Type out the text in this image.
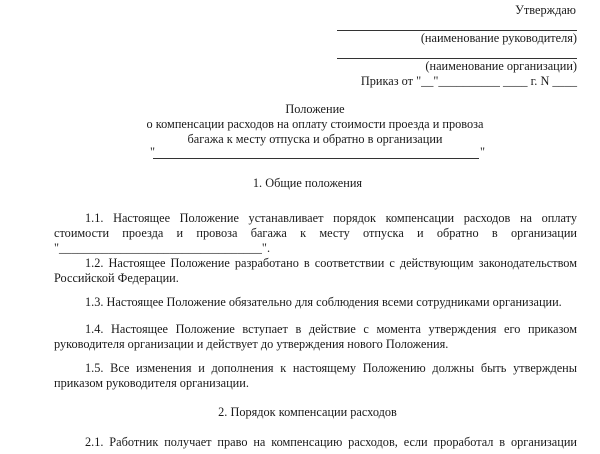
Утверждаю
(наименование руководителя)
(наименование организации)
Приказ от "__"__________ ____ г. N ____
Положение
о компенсации расходов на оплату стоимости проезда и провоза
багажа к месту отпуска и обратно в организации
"	"
1. Общие положения
1.1. Настоящее Положение устанавливает порядок компенсации расходов на оплату
стоимости проезда и провоза багажа к месту отпуска и обратно в организации
"_________________________________".
1.2. Настоящее Положение разработано в соответствии с действующим законодательством
Российской Федерации.
1.3. Настоящее Положение обязательно для соблюдения всеми сотрудниками организации.
1.4. Настоящее Положение вступает в действие с момента утверждения его приказом
руководителя организации и действует до утверждения нового Положения.
1.5. Все изменения и дополнения к настоящему Положению должны быть утверждены
приказом руководителя организации.
2. Порядок компенсации расходов
2.1. Работник получает право на компенсацию расходов, если проработал в организации
